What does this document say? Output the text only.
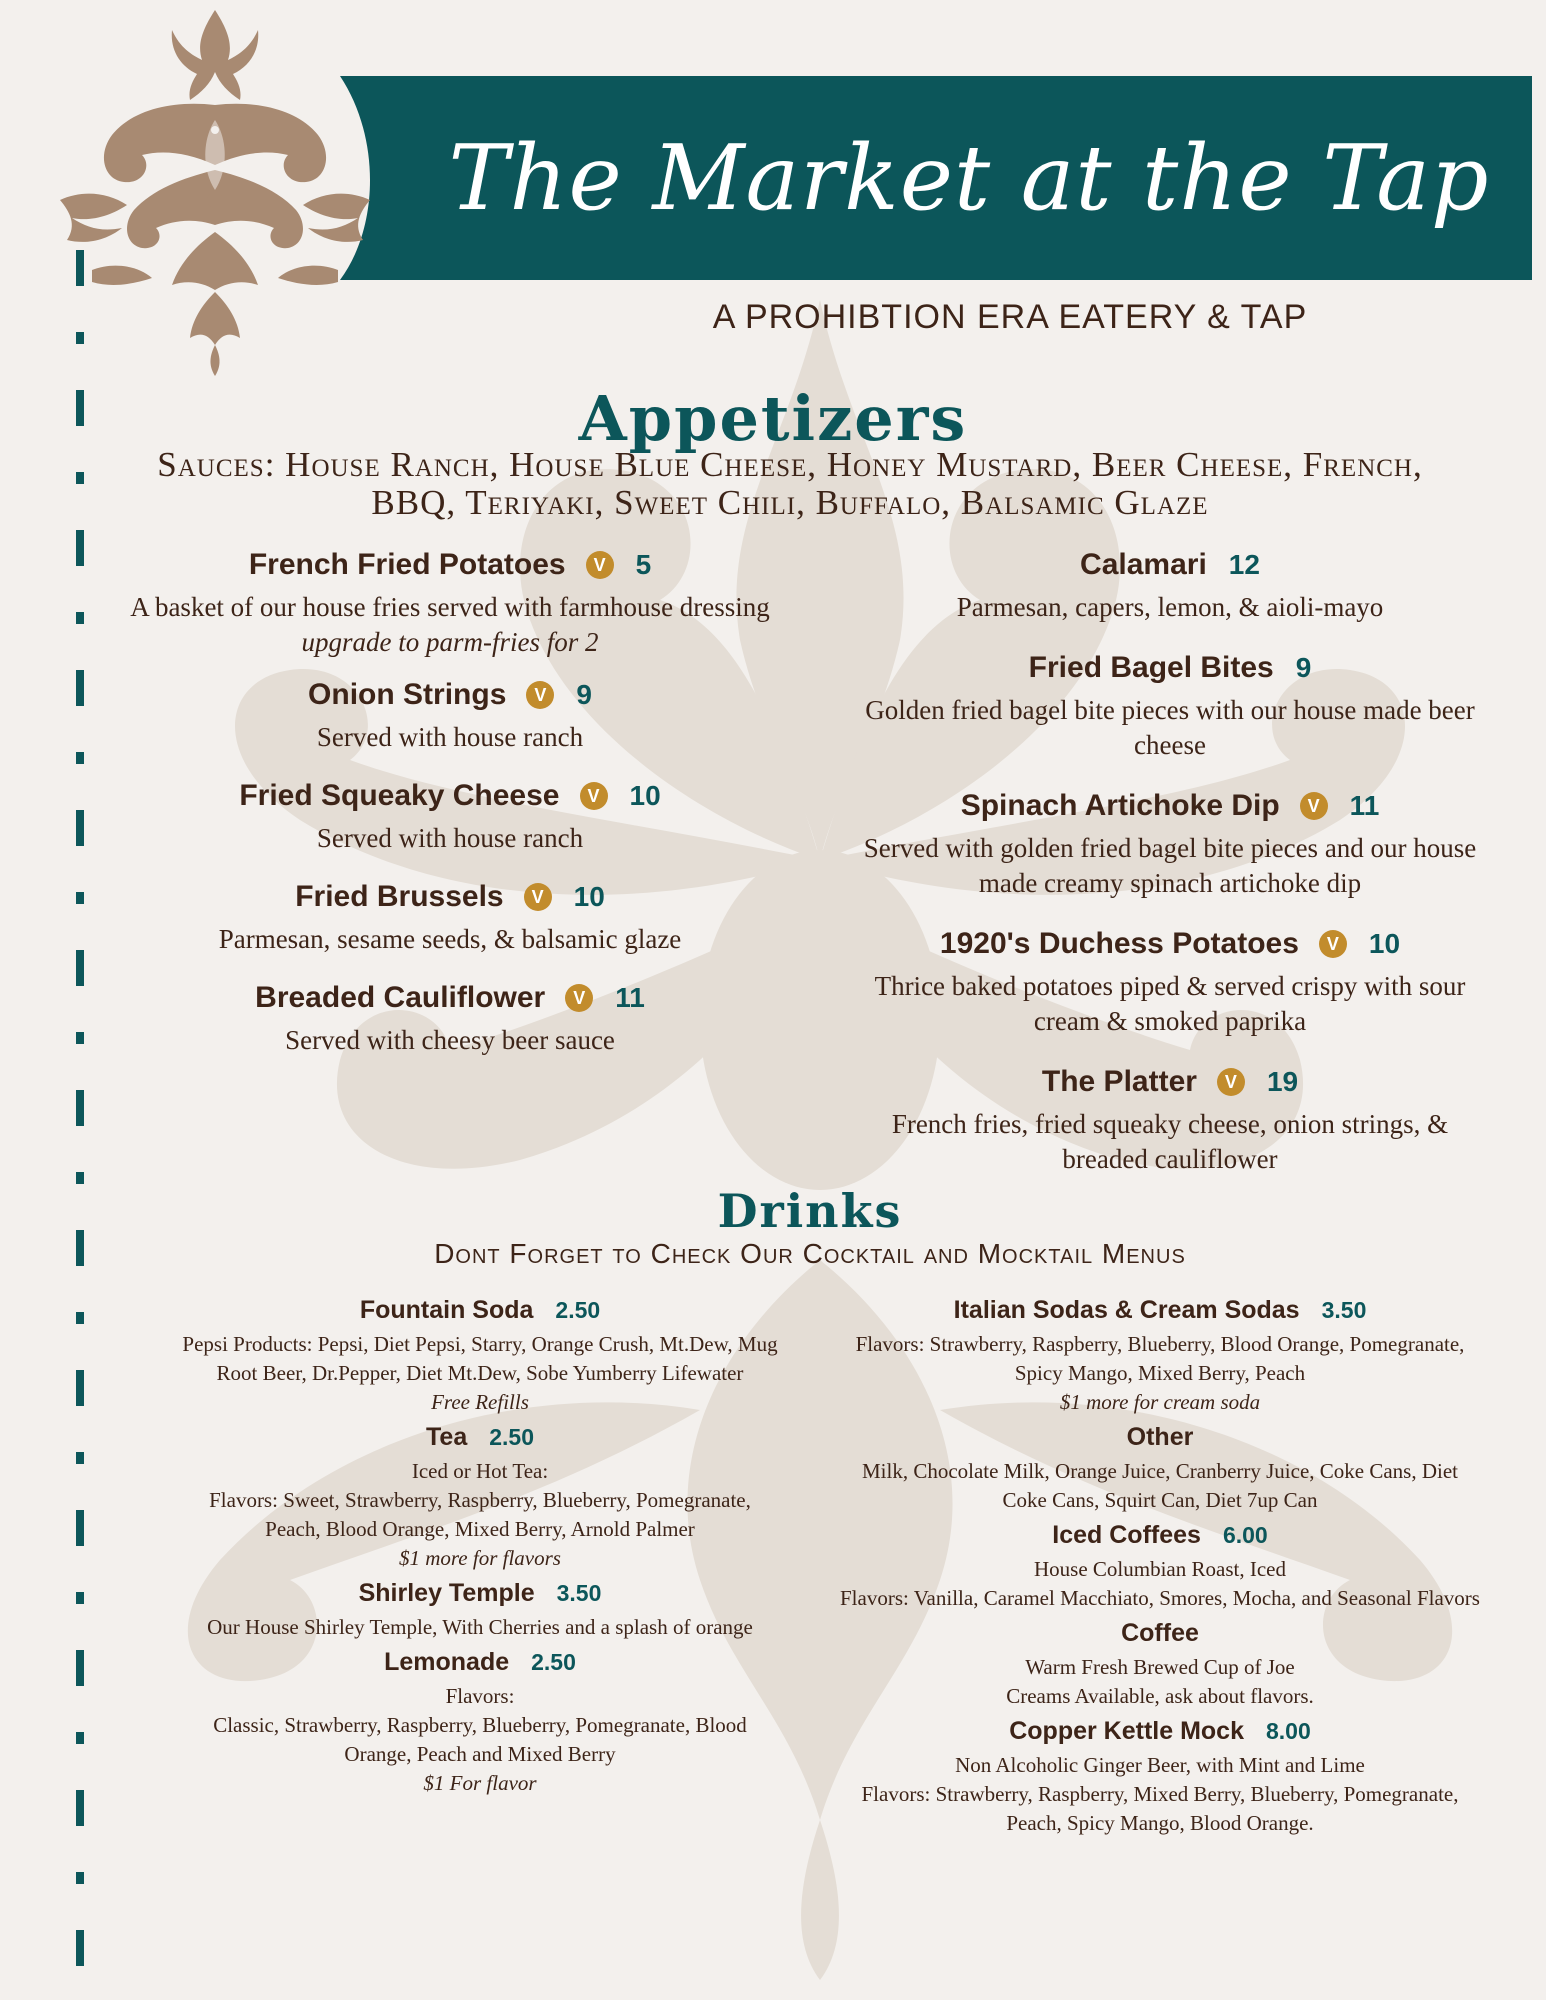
The Market at the Tap
A PROHIBTION ERA EATERY & TAP
Appetizers
Sauces: House Ranch, House Blue Cheese, Honey Mustard, Beer Cheese, French, BBQ, Teriyaki, Sweet Chili, Buffalo, Balsamic Glaze
French Fried Potatoes	V 5
A basket of our house fries served with farmhouse dressing
upgrade to parm-fries for 2
Onion Strings	V 9
Served with house ranch
Fried Squeaky Cheese	V 10
Served with house ranch
Fried Brussels	V 10
Parmesan, sesame seeds, & balsamic glaze
Breaded Cauliflower	V 11
Served with cheesy beer sauce
Calamari 12
Parmesan, capers, lemon, & aioli-mayo
Fried Bagel Bites 9
Golden fried bagel bite pieces with our house made beer cheese
Spinach Artichoke Dip	V 11
Served with golden fried bagel bite pieces and our house made creamy spinach artichoke dip
1920's Duchess Potatoes	V 10
Thrice baked potatoes piped & served crispy with sour cream & smoked paprika
The Platter	V 19
French fries, fried squeaky cheese, onion strings, & breaded cauliflower
Drinks
Dont Forget to Check Our Cocktail and Mocktail Menus
Fountain Soda 2.50
Pepsi Products: Pepsi, Diet Pepsi, Starry, Orange Crush, Mt.Dew, Mug Root Beer, Dr.Pepper, Diet Mt.Dew, Sobe Yumberry Lifewater
Free Refills
Tea 2.50
Iced or Hot Tea:
Flavors: Sweet, Strawberry, Raspberry, Blueberry, Pomegranate, Peach, Blood Orange, Mixed Berry, Arnold Palmer
$1 more for flavors
Shirley Temple 3.50
Our House Shirley Temple, With Cherries and a splash of orange
Lemonade 2.50
Flavors:
Classic, Strawberry, Raspberry, Blueberry, Pomegranate, Blood Orange, Peach and Mixed Berry
$1 For flavor
Italian Sodas & Cream Sodas 3.50
Flavors: Strawberry, Raspberry, Blueberry, Blood Orange, Pomegranate, Spicy Mango, Mixed Berry, Peach
$1 more for cream soda
Other
Milk, Chocolate Milk, Orange Juice, Cranberry Juice, Coke Cans, Diet Coke Cans, Squirt Can, Diet 7up Can
Iced Coffees 6.00
House Columbian Roast, Iced
Flavors: Vanilla, Caramel Macchiato, Smores, Mocha, and Seasonal Flavors
Coffee
Warm Fresh Brewed Cup of Joe
Creams Available, ask about flavors.
Copper Kettle Mock 8.00
Non Alcoholic Ginger Beer, with Mint and Lime
Flavors: Strawberry, Raspberry, Mixed Berry, Blueberry, Pomegranate, Peach, Spicy Mango, Blood Orange.
